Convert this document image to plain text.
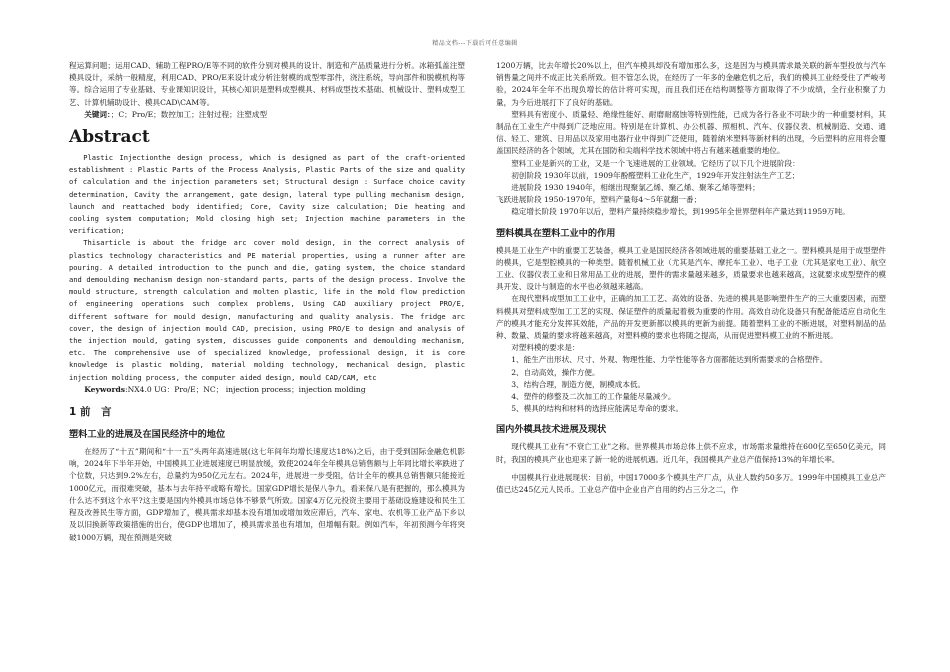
精品文档---下载后可任意编辑

程运算问题；运用CAD、辅助工程PRO/E等不同的软件分别对模具的设计、制造和产品质量进行分析。冰箱弧盖注塑模具设计，采纳一般精度，利用CAD、PRO/E来设计或分析注射模的成型零部件，浇注系统，导向部件和脱模机构等等。综合运用了专业基础、专业课知识设计，其核心知识是塑料成型模具、材料成型技术基础、机械设计、塑料成型工艺、计算机辅助设计、模具CAD\CAM等。

关键词：；C；Pro/E；数控加工；注射过程；注塑成型

Abstract

Plastic Injectionthe design process, which is designed as part of the craft-oriented establishment : Plastic Parts of the Process Analysis, Plastic Parts of the size and quality of calculation and the injection parameters set; Structural design : Surface choice cavity determination, Cavity the arrangement, gate design, lateral type pulling mechanism design, launch and reattached body identified; Core, Cavity size calculation; Die heating and cooling system computation; Mold closing high set; Injection machine parameters in the verification;

Thisarticle is about the fridge arc cover mold design, in the correct analysis of plastics technology characteristics and PE material properties, using a runner after are pouring. A detailed introduction to the punch and die, gating system, the choice standard and demoulding mechanism design non-standard parts, parts of the design process. Involve the mould structure, strength calculation and molten plastic, life in the mold flow prediction of engineering operations such complex problems, Using CAD auxiliary project PRO/E, different software for mould design, manufacturing and quality analysis. The fridge arc cover, the design of injection mould CAD, precision, using PRO/E to design and analysis of the injection mould, gating system, discusses guide components and demoulding mechanism, etc. The comprehensive use of specialized knowledge, professional design, it is core knowledge is plastic molding, material molding technology, mechanical design, plastic injection molding process, the computer aided design, mould CAD/CAM, etc

Keywords:NX4.0 UG：Pro/E；NC； injection process；injection molding

1 前　言
塑料工业的进展及在国民经济中的地位

在经历了“十五”期间和“十一五”头两年高速进展(这七年间年均增长速度达18%)之后，由于受到国际金融危机影响，2024年下半年开始，中国模具工业进展速度已明显放缓，致使2024年全年模具总销售额与上年同比增长率跌进了个位数，只达到9.2%左右，总量约为950亿元左右。2024年，进展进一步受阻，估计全年的模具总销售额只能接近1000亿元，而很难突破，基本与去年持平或略有增长。国家GDP增长是保八争九，看来保八是有把握的，那么模具为什么达不到这个水平?这主要是国内外模具市场总体不够景气所致。国家4万亿元投资主要用于基础设施建设和民生工程及改善民生等方面，GDP增加了，模具需求却基本没有增加或增加效应滞后，汽车、家电、农机等工业产品下乡以及以旧换新等政策措施的出台，使GDP也增加了，模具需求虽也有增加，但增幅有限。例如汽车，年初预测今年将突破1000万辆，现在预测是突破

1200万辆，比去年增长20%以上，但汽车模具却没有增加那么多，这是因为与模具需求最关联的新车型投放与汽车销售量之间并不成正比关系所致。但不管怎么说，在经历了一年多的金融危机之后，我们的模具工业经受住了严峻考验，2024年全年不出现负增长的估计将可实现，而且我们还在结构调整等方面取得了不少成绩，全行业积聚了力量，为今后进展打下了良好的基础。

塑料具有密度小、质量轻、绝缘性能好、耐磨耐腐蚀等特别性能，已成为各行各业不可缺少的一种重要材料，其制品在工业生产中得到广泛地应用。特别是在计算机、办公机器、照相机、汽车、仪器仪表、机械制造、交通、通信、轻工、建筑、日用品以及家用电器行业中得到广泛使用，随着納米塑料等新材料的出现，今后塑料的应用将会覆盖国民经济的各个领域，尤其在国防和尖端科学技术领域中将占有越来越重要的地位。

塑料工业是新兴的工业，又是一个飞速进展的工业领域。它经历了以下几个进展阶段：

初创阶段 1930年以前，1909年酚醛塑料工业化生产，1929年开发注射法生产工艺；

进展阶段 1930 1940年，相继出现聚氯乙烯、聚乙烯、聚苯乙烯等塑料；

飞跃进展阶段 1950-1970年，塑料产量每4～5年就翻一番；

稳定增长阶段 1970年以后，塑料产量持续稳步增长，到1995年全世界塑料年产量达到11959万吨。

塑料模具在塑料工业中的作用

模具是工业生产中的重要工艺装备，模具工业是国民经济各领域进展的重要基础工业之一。塑料模具是用于成型塑件的模具，它是型腔模具的一种类型。随着机械工业（尤其是汽车、摩托车工业）、电子工业（尤其是家电工业）、航空工业、仪器仪表工业和日常用品工业的进展，塑件的需求量越来越多，质量要求也越来越高，这就要求成型塑件的模具开发、设计与制造的水平也必须越来越高。

在现代塑料成型加工工业中，正确的加工工艺、高效的设备、先进的模具是影响塑件生产的三大重要因素，而塑料模具对塑料成型加工工艺的实现、保证塑件的质量起着极为重要的作用。高效自动化设备只有配备能适应自动化生产的模具才能充分发挥其效能，产品的开发更新都以模具的更新为前提。随着塑料工业的不断进展，对塑料制品的品种、数量、质量的要求将越来越高，对塑料模的要求也将随之提高，从而促进塑料模工业的不断进展。

对塑料模的要求是：

1、能生产出形状、尺寸、外观、物理性能、力学性能等各方面都能达到所需要求的合格塑件。

2、自动高效，操作方便。

3、结构合理，制造方便，制模成本低。

4、塑件的修整及二次加工的工作量能尽量减少。

5、模具的结构和材料的选择应能满足寿命的要求。

国内外模具技术进展及现状

现代模具工业有“不衰亡工业”之称。世界模具市场总体上供不应求，市场需求量维持在600亿至650亿美元，同时，我国的模具产业也迎来了新一轮的进展机遇。近几年，我国模具产业总产值保持13%的年增长率。

中国模具行业进展现状：目前，中国17000多个模具生产厂点，从业人数约50多万。1999年中国模具工业总产值已达245亿元人民币。工业总产值中企业自产自用的约占三分之二，作
